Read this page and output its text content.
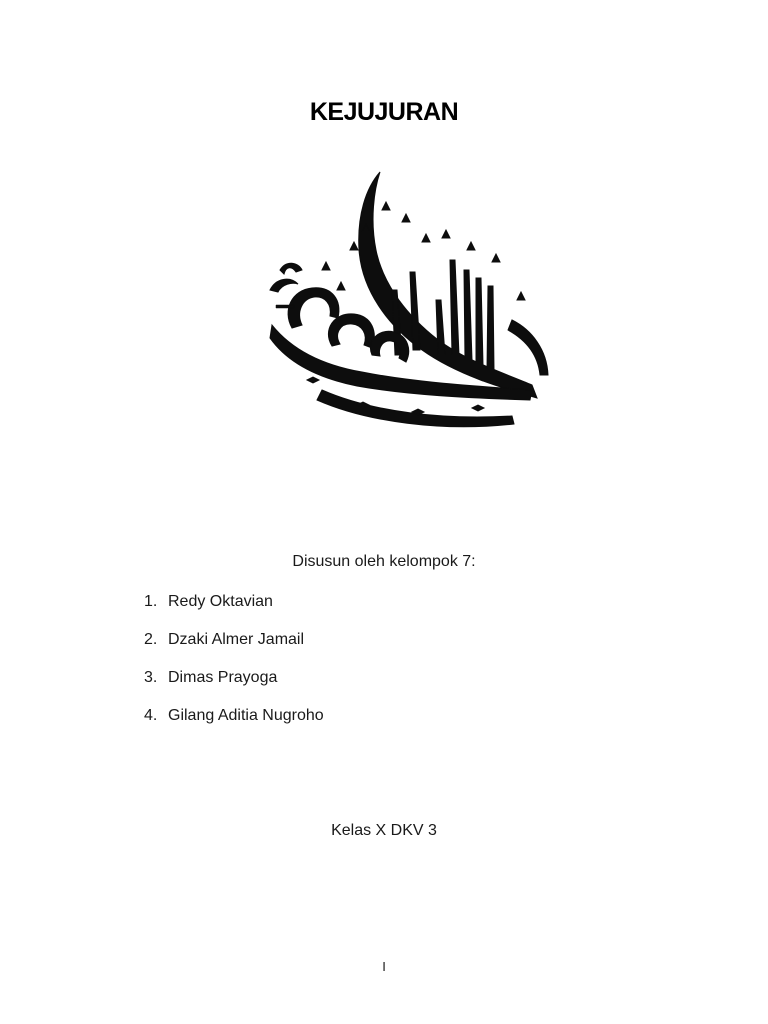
KEJUJURAN
Disusun oleh kelompok 7:
1. Redy Oktavian
2. Dzaki Almer Jamail
3. Dimas Prayoga
4. Gilang Aditia Nugroho
Kelas X DKV 3
I
